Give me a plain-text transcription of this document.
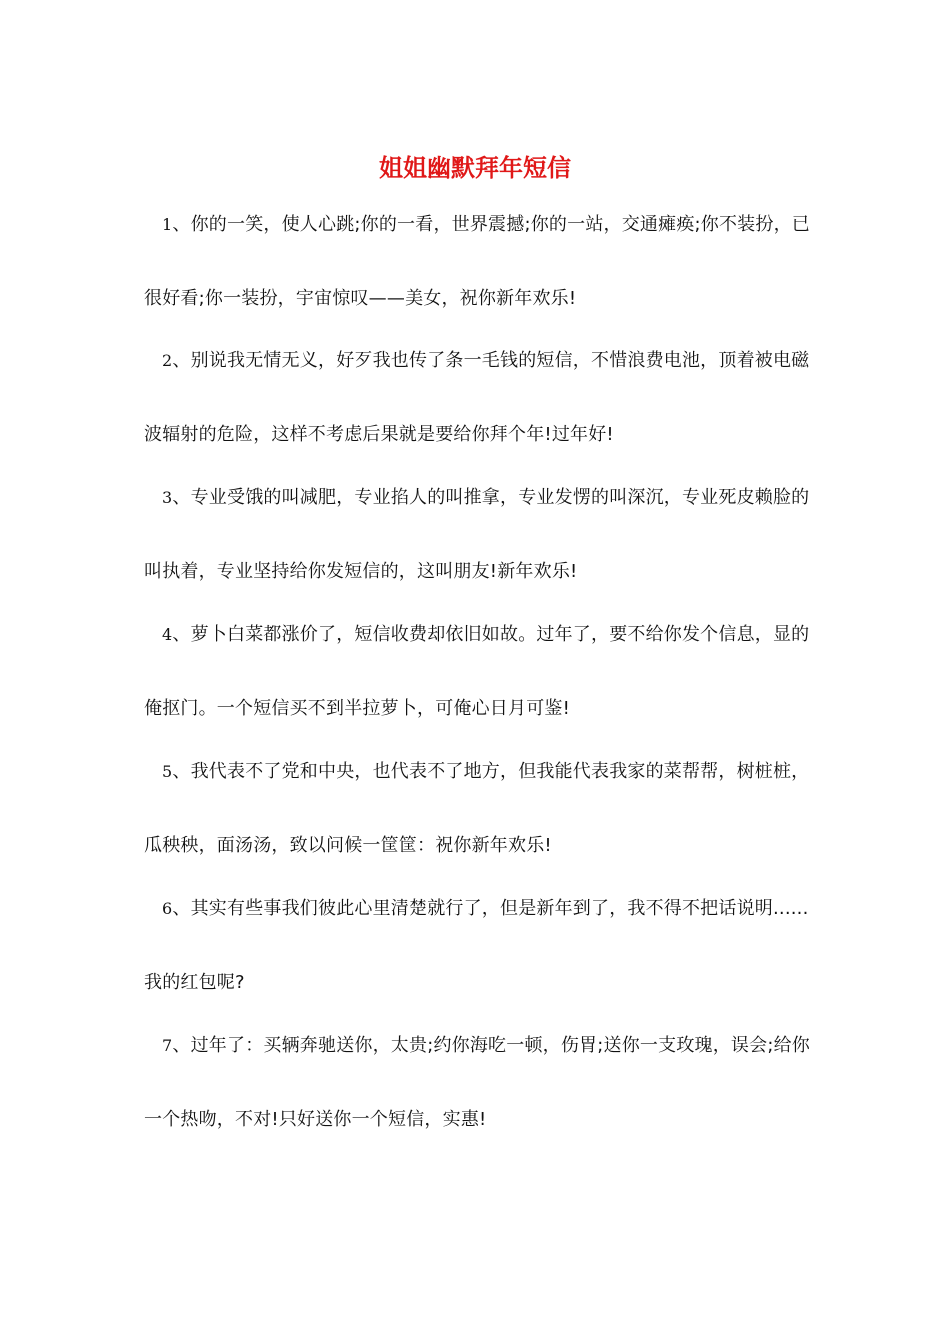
姐姐幽默拜年短信

1、你的一笑，使人心跳;你的一看，世界震撼;你的一站，交通瘫痪;你不装扮，已很好看;你一装扮，宇宙惊叹——美女，祝你新年欢乐!

2、别说我无情无义，好歹我也传了条一毛钱的短信，不惜浪费电池，顶着被电磁波辐射的危险，这样不考虑后果就是要给你拜个年!过年好!

3、专业受饿的叫减肥，专业掐人的叫推拿，专业发愣的叫深沉，专业死皮赖脸的叫执着，专业坚持给你发短信的，这叫朋友!新年欢乐!

4、萝卜白菜都涨价了，短信收费却依旧如故。过年了，要不给你发个信息，显的俺抠门。一个短信买不到半拉萝卜，可俺心日月可鉴!

5、我代表不了党和中央，也代表不了地方，但我能代表我家的菜帮帮，树桩桩，瓜秧秧，面汤汤，致以问候一筐筐：祝你新年欢乐!

6、其实有些事我们彼此心里清楚就行了，但是新年到了，我不得不把话说明......我的红包呢?

7、过年了：买辆奔驰送你，太贵;约你海吃一顿，伤胃;送你一支玫瑰，误会;给你一个热吻，不对!只好送你一个短信，实惠!
